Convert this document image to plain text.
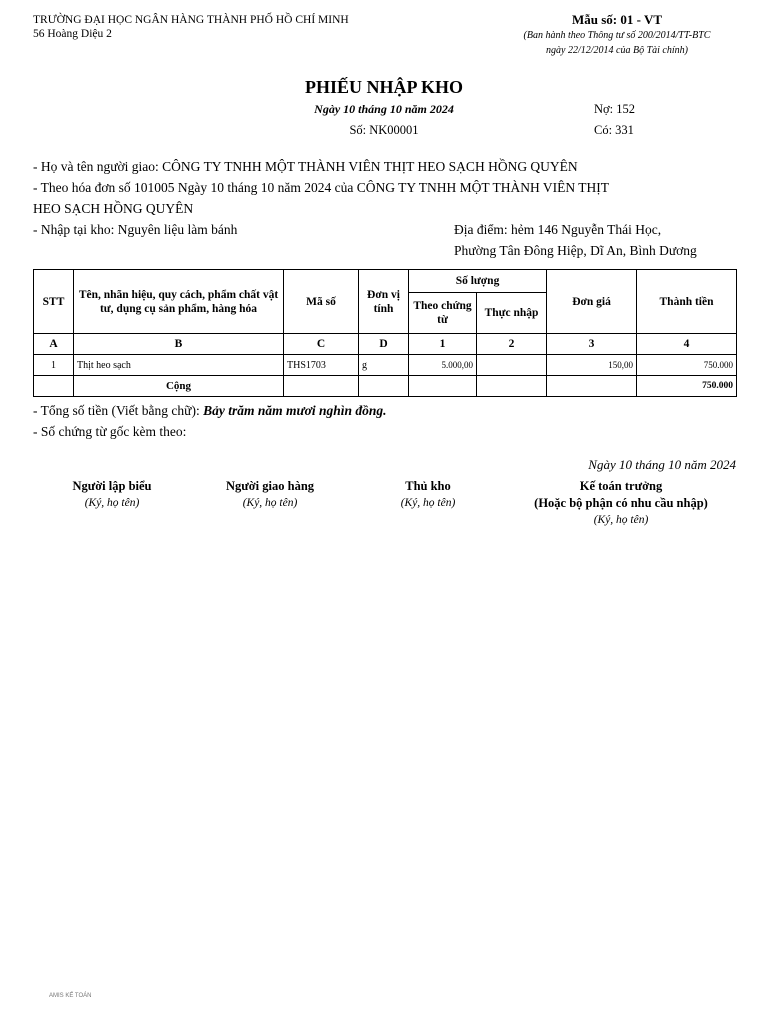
TRƯỜNG ĐẠI HỌC NGÂN HÀNG THÀNH PHỐ HỒ CHÍ MINH
56 Hoàng Diệu 2
Mẫu số: 01 - VT
(Ban hành theo Thông tư số 200/2014/TT-BTC
ngày 22/12/2014 của Bộ Tài chính)
PHIẾU NHẬP KHO
Ngày 10 tháng 10 năm 2024
Số: NK00001
Nợ: 152
Có: 331
- Họ và tên người giao: CÔNG TY TNHH MỘT THÀNH VIÊN THỊT HEO SẠCH HỒNG QUYÊN
- Theo hóa đơn số 101005 Ngày 10 tháng 10 năm 2024 của CÔNG TY TNHH MỘT THÀNH VIÊN THỊT
HEO SẠCH HỒNG QUYÊN
- Nhập tại kho: Nguyên liệu làm bánh	Địa điểm: hẻm 146 Nguyễn Thái Học,
Phường Tân Đông Hiệp, Dĩ An, Bình Dương
STT	Tên, nhãn hiệu, quy cách, phẩm chất vật tư, dụng cụ sản phẩm, hàng hóa	Mã số	Đơn vị tính	Số lượng		Đơn giá	Thành tiền
				Theo chứng từ	Thực nhập		
A	B	C	D	1	2	3	4
1	Thịt heo sạch	THS1703	g	5.000,00		150,00	750.000
	Cộng						750.000
- Tổng số tiền (Viết bằng chữ): Bảy trăm năm mươi nghìn đồng.
- Số chứng từ gốc kèm theo:
Ngày 10 tháng 10 năm 2024
Người lập biểu
(Ký, họ tên)
Người giao hàng
(Ký, họ tên)
Thủ kho
(Ký, họ tên)
Kế toán trưởng
(Hoặc bộ phận có nhu cầu nhập)
(Ký, họ tên)
AMIS KẾ TOÁN
